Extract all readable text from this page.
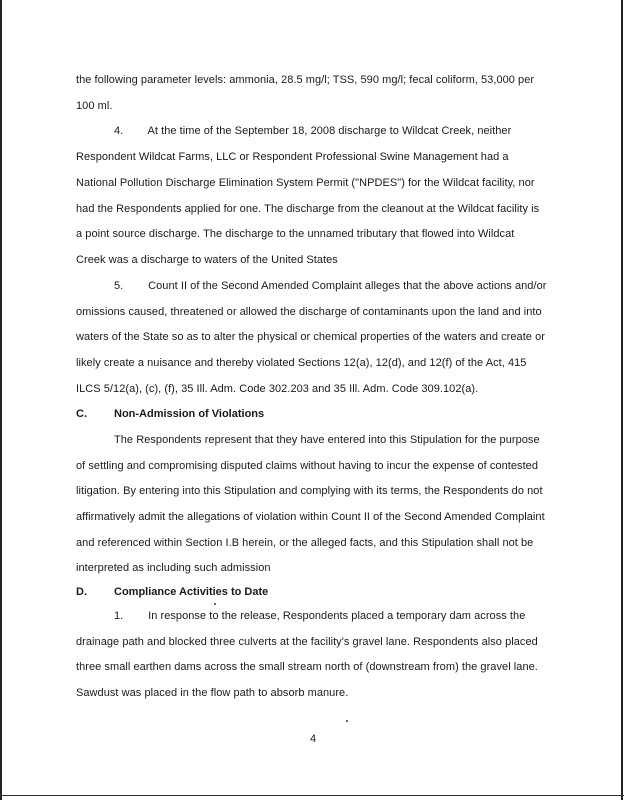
the following parameter levels: ammonia, 28.5 mg/l; TSS, 590 mg/l; fecal coliform, 53,000 per
100 ml.
4.        At the time of the September 18, 2008 discharge to Wildcat Creek, neither
Respondent Wildcat Farms, LLC or Respondent Professional Swine Management had a
National Pollution Discharge Elimination System Permit ("NPDES") for the Wildcat facility, nor
had the Respondents applied for one. The discharge from the cleanout at the Wildcat facility is
a point source discharge. The discharge to the unnamed tributary that flowed into Wildcat
Creek was a discharge to waters of the United States
5.        Count II of the Second Amended Complaint alleges that the above actions and/or
omissions caused, threatened or allowed the discharge of contaminants upon the land and into
waters of the State so as to alter the physical or chemical properties of the waters and create or
likely create a nuisance and thereby violated Sections 12(a), 12(d), and 12(f) of the Act, 415
ILCS 5/12(a), (c), (f), 35 Ill. Adm. Code 302.203 and 35 Ill. Adm. Code 309.102(a).
C. Non-Admission of Violations
The Respondents represent that they have entered into this Stipulation for the purpose
of settling and compromising disputed claims without having to incur the expense of contested
litigation. By entering into this Stipulation and complying with its terms, the Respondents do not
affirmatively admit the allegations of violation within Count II of the Second Amended Complaint
and referenced within Section I.B herein, or the alleged facts, and this Stipulation shall not be
interpreted as including such admission
D. Compliance Activities to Date
1.        In response to the release, Respondents placed a temporary dam across the
drainage path and blocked three culverts at the facility's gravel lane. Respondents also placed
three small earthen dams across the small stream north of (downstream from) the gravel lane.
Sawdust was placed in the flow path to absorb manure.
4
